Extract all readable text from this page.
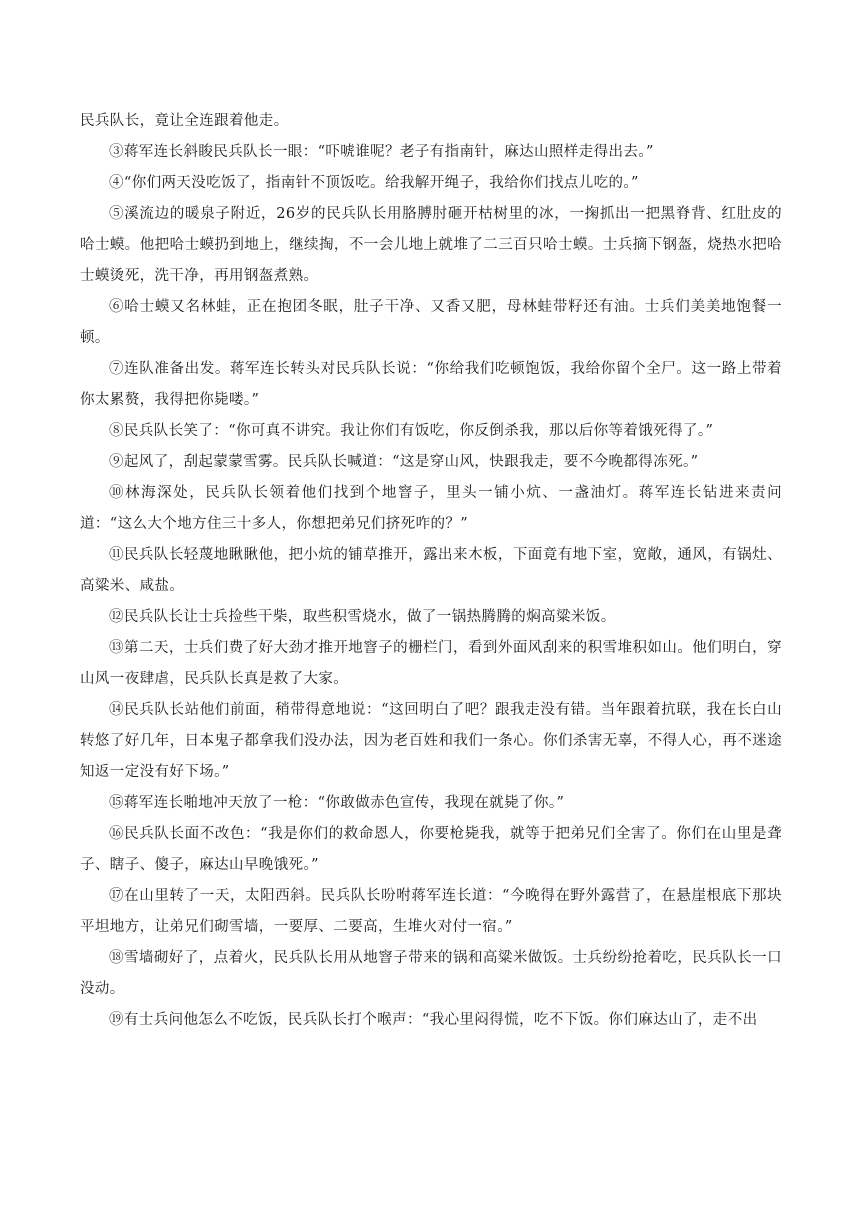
民兵队长，竟让全连跟着他走。

③蒋军连长斜睃民兵队长一眼：“吓唬谁呢？老子有指南针，麻达山照样走得出去。”

④“你们两天没吃饭了，指南针不顶饭吃。给我解开绳子，我给你们找点儿吃的。”

⑤溪流边的暖泉子附近，26岁的民兵队长用胳膊肘砸开枯树里的冰，一掬抓出一把黑脊背、红肚皮的哈士蟆。他把哈士蟆扔到地上，继续掏，不一会儿地上就堆了二三百只哈士蟆。士兵摘下钢盔，烧热水把哈士蟆烫死，洗干净，再用钢盔煮熟。

⑥哈士蟆又名林蛙，正在抱团冬眠，肚子干净、又香又肥，母林蛙带籽还有油。士兵们美美地饱餐一顿。

⑦连队准备出发。蒋军连长转头对民兵队长说：“你给我们吃顿饱饭，我给你留个全尸。这一路上带着你太累赘，我得把你毙喽。”

⑧民兵队长笑了：“你可真不讲究。我让你们有饭吃，你反倒杀我，那以后你等着饿死得了。”

⑨起风了，刮起蒙蒙雪雾。民兵队长喊道：“这是穿山风，快跟我走，要不今晚都得冻死。”

⑩林海深处，民兵队长领着他们找到个地窨子，里头一铺小炕、一盏油灯。蒋军连长钻进来责问道：“这么大个地方住三十多人，你想把弟兄们挤死咋的？”

⑪民兵队长轻蔑地瞅瞅他，把小炕的铺草推开，露出来木板，下面竟有地下室，宽敞，通风，有锅灶、高粱米、咸盐。

⑫民兵队长让士兵捡些干柴，取些积雪烧水，做了一锅热腾腾的焖高粱米饭。

⑬第二天，士兵们费了好大劲才推开地窨子的栅栏门，看到外面风刮来的积雪堆积如山。他们明白，穿山风一夜肆虐，民兵队长真是救了大家。

⑭民兵队长站他们前面，稍带得意地说：“这回明白了吧？跟我走没有错。当年跟着抗联，我在长白山转悠了好几年，日本鬼子都拿我们没办法，因为老百姓和我们一条心。你们杀害无辜，不得人心，再不迷途知返一定没有好下场。”

⑮蒋军连长啪地冲天放了一枪：“你敢做赤色宣传，我现在就毙了你。”

⑯民兵队长面不改色：“我是你们的救命恩人，你要枪毙我，就等于把弟兄们全害了。你们在山里是聋子、瞎子、傻子，麻达山早晚饿死。”

⑰在山里转了一天，太阳西斜。民兵队长吩咐蒋军连长道：“今晚得在野外露营了，在悬崖根底下那块平坦地方，让弟兄们砌雪墙，一要厚、二要高，生堆火对付一宿。”

⑱雪墙砌好了，点着火，民兵队长用从地窨子带来的锅和高粱米做饭。士兵纷纷抢着吃，民兵队长一口没动。

⑲有士兵问他怎么不吃饭，民兵队长打个喉声：“我心里闷得慌，吃不下饭。你们麻达山了，走不出
